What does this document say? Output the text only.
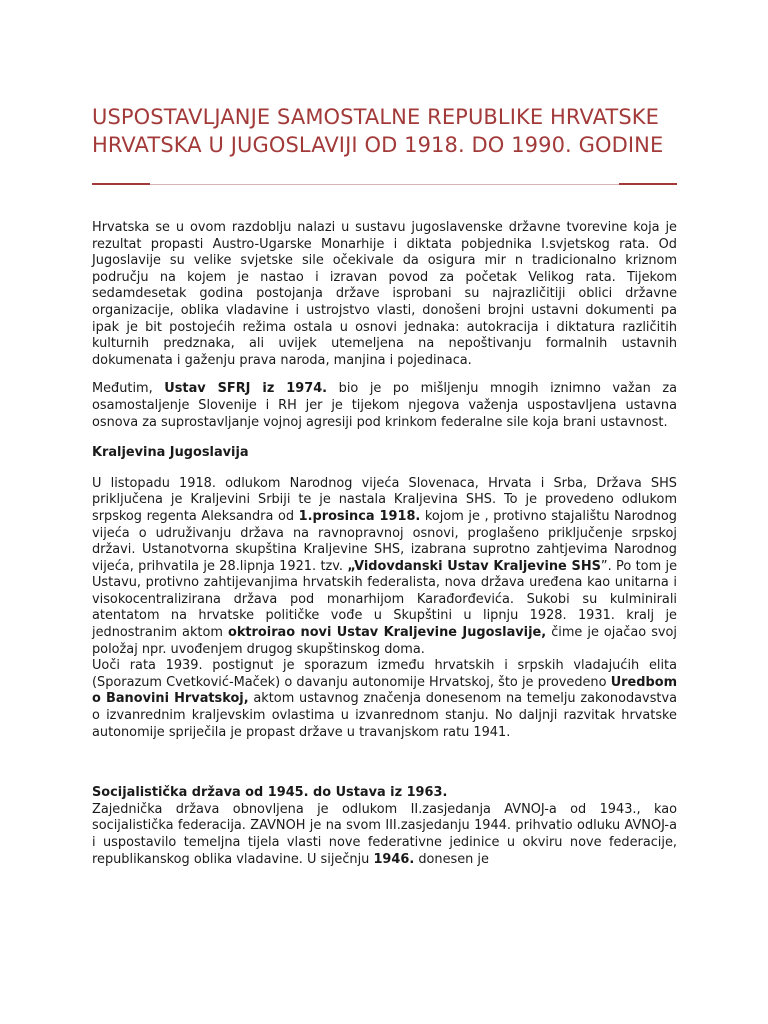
USPOSTAVLJANJE SAMOSTALNE REPUBLIKE HRVATSKE HRVATSKA U JUGOSLAVIJI OD 1918. DO 1990. GODINE

Hrvatska se u ovom razdoblju nalazi u sustavu jugoslavenske državne tvorevine koja je rezultat propasti Austro-Ugarske Monarhije i diktata pobjednika I.svjetskog rata. Od Jugoslavije su velike svjetske sile očekivale da osigura mir n tradicionalno kriznom području na kojem je nastao i izravan povod za početak Velikog rata. Tijekom sedamdesetak godina postojanja države isprobani su najrazličitiji oblici državne organizacije, oblika vladavine i ustrojstvo vlasti, donošeni brojni ustavni dokumenti pa ipak je bit postojećih režima ostala u osnovi jednaka: autokracija i diktatura različitih kulturnih predznaka, ali uvijek utemeljena na nepoštivanju formalnih ustavnih dokumenata i gaženju prava naroda, manjina i pojedinaca.

Međutim, Ustav SFRJ iz 1974. bio je po mišljenju mnogih iznimno važan za osamostaljenje Slovenije i RH jer je tijekom njegova važenja uspostavljena ustavna osnova za suprostavljanje vojnoj agresiji pod krinkom federalne sile koja brani ustavnost.

Kraljevina Jugoslavija

U listopadu 1918. odlukom Narodnog vijeća Slovenaca, Hrvata i Srba, Država SHS priključena je Kraljevini Srbiji te je nastala Kraljevina SHS. To je provedeno odlukom srpskog regenta Aleksandra od 1.prosinca 1918. kojom je , protivno stajalištu Narodnog vijeća o udruživanju država na ravnopravnoj osnovi, proglašeno priključenje srpskoj državi. Ustanotvorna skupština Kraljevine SHS, izabrana suprotno zahtjevima Narodnog vijeća, prihvatila je 28.lipnja 1921. tzv. „Vidovdanski Ustav Kraljevine SHS”. Po tom je Ustavu, protivno zahtijevanjima hrvatskih federalista, nova država uređena kao unitarna i visokocentralizirana država pod monarhijom Karađorđevića. Sukobi su kulminirali atentatom na hrvatske političke vođe u Skupštini u lipnju 1928. 1931. kralj je jednostranim aktom oktroirao novi Ustav Kraljevine Jugoslavije, čime je ojačao svoj položaj npr. uvođenjem drugog skupštinskog doma.

Uoči rata 1939. postignut je sporazum između hrvatskih i srpskih vladajućih elita (Sporazum Cvetković-Maček) o davanju autonomije Hrvatskoj, što je provedeno Uredbom o Banovini Hrvatskoj, aktom ustavnog značenja donesenom na temelju zakonodavstva o izvanrednim kraljevskim ovlastima u izvanrednom stanju. No daljnji razvitak hrvatske autonomije spriječila je propast države u travanjskom ratu 1941.

Socijalistička država od 1945. do Ustava iz 1963.

Zajednička država obnovljena je odlukom II.zasjedanja AVNOJ-a od 1943., kao socijalistička federacija. ZAVNOH je na svom III.zasjedanju 1944. prihvatio odluku AVNOJ-a i uspostavilo temeljna tijela vlasti nove federativne jedinice u okviru nove federacije, republikanskog oblika vladavine. U siječnju 1946. donesen je
